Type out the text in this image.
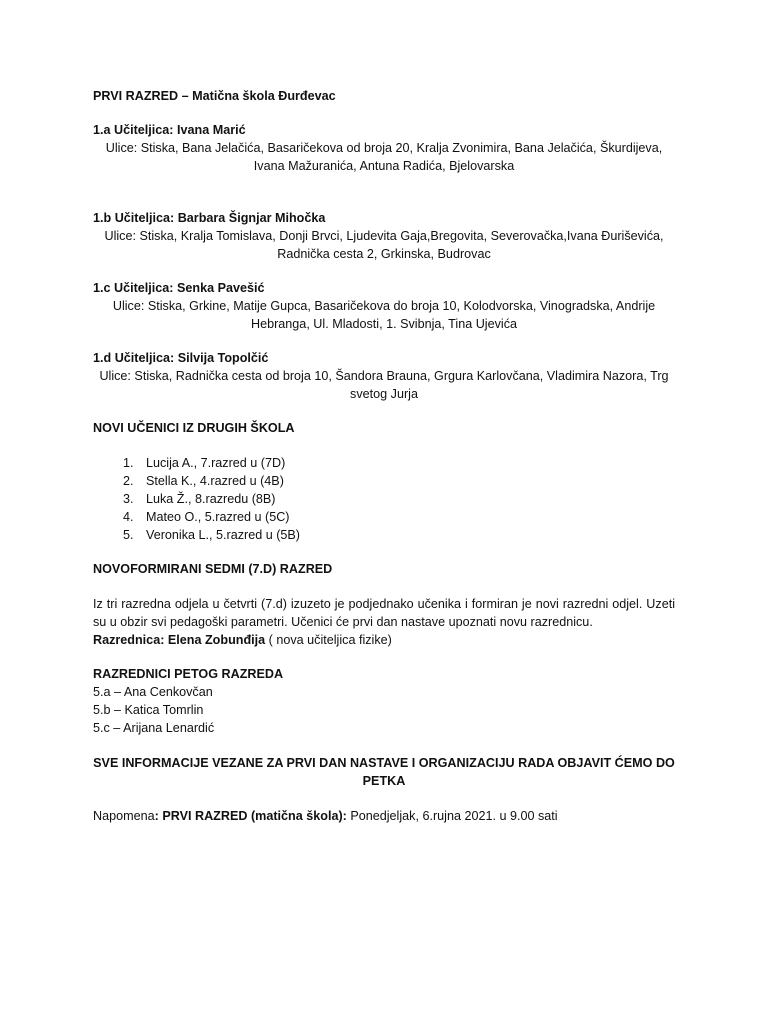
PRVI RAZRED – Matična škola Đurđevac
1.a Učiteljica: Ivana Marić
Ulice: Stiska, Bana Jelačića, Basaričekova od broja 20, Kralja Zvonimira, Bana Jelačića, Škurdijeva, Ivana Mažuranića, Antuna Radića, Bjelovarska
1.b Učiteljica: Barbara Šignjar Mihočka
Ulice: Stiska, Kralja Tomislava, Donji Brvci, Ljudevita Gaja,Bregovita, Severovačka,Ivana Đuriševića, Radnička cesta 2, Grkinska, Budrovac
1.c Učiteljica: Senka Pavešić
Ulice: Stiska, Grkine, Matije Gupca, Basaričekova do broja 10, Kolodvorska, Vinogradska, Andrije Hebranga, Ul. Mladosti, 1. Svibnja, Tina Ujevića
1.d Učiteljica: Silvija Topolčić
Ulice: Stiska, Radnička cesta od broja 10, Šandora Brauna, Grgura Karlovčana, Vladimira Nazora, Trg svetog Jurja
NOVI UČENICI IZ DRUGIH ŠKOLA
1. Lucija A., 7.razred u (7D)
2. Stella K., 4.razred u (4B)
3. Luka Ž., 8.razredu (8B)
4. Mateo O., 5.razred u (5C)
5. Veronika L., 5.razred u (5B)
NOVOFORMIRANI SEDMI (7.D) RAZRED
Iz tri razredna odjela u četvrti (7.d) izuzeto je podjednako učenika i formiran je novi razredni odjel. Uzeti su u obzir svi pedagoški parametri. Učenici će prvi dan nastave upoznati novu razrednicu.
Razrednica: Elena Zobunđija ( nova učiteljica fizike)
RAZREDNICI PETOG RAZREDA
5.a – Ana Cenkovčan
5.b – Katica Tomrlin
5.c – Arijana Lenardić
SVE INFORMACIJE VEZANE ZA PRVI DAN NASTAVE I ORGANIZACIJU RADA OBJAVIT ĆEMO DO PETKA
Napomena: PRVI RAZRED (matična škola): Ponedjeljak, 6.rujna 2021. u 9.00 sati
